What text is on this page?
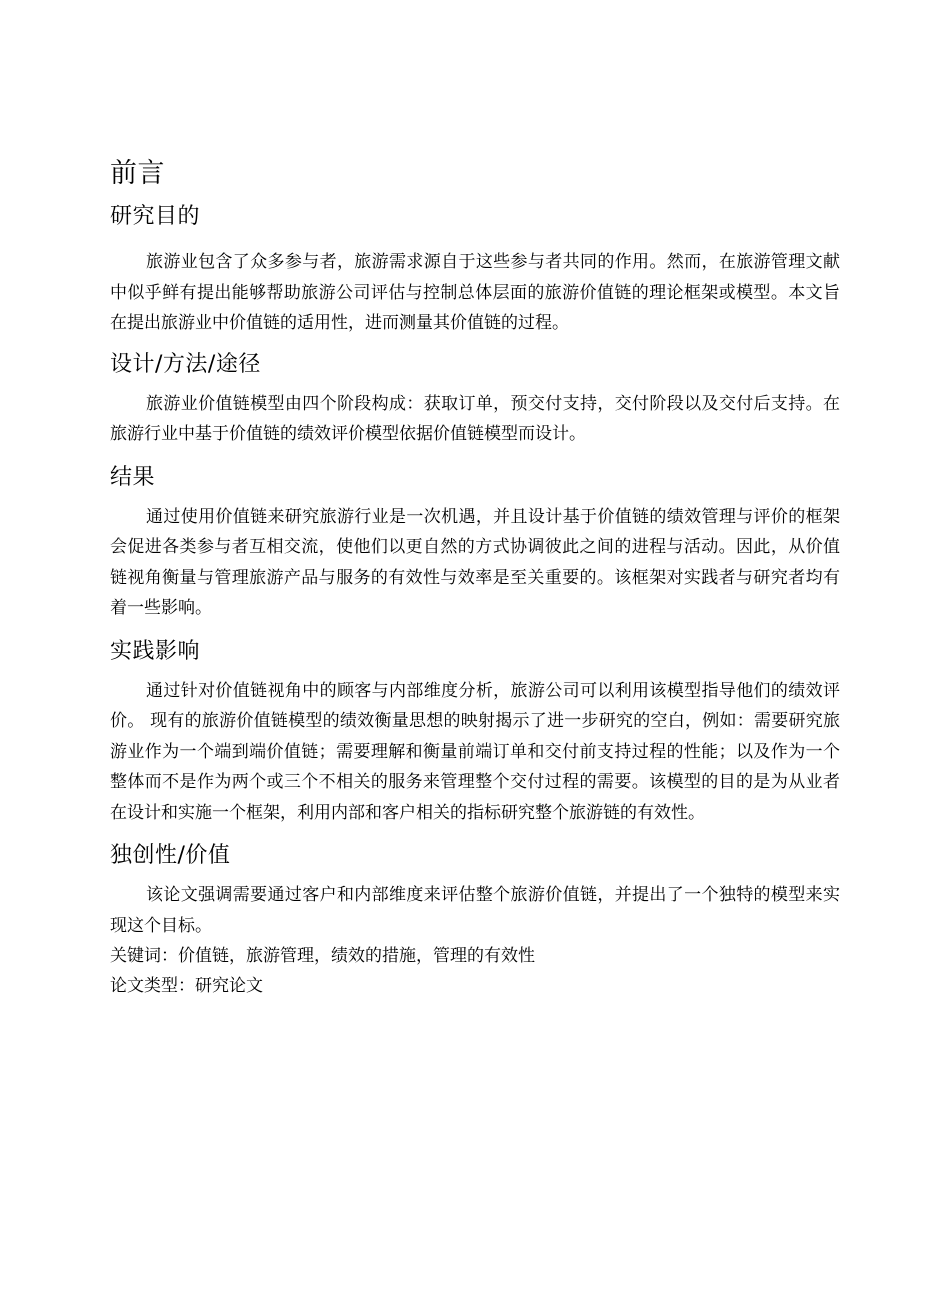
前言
研究目的

旅游业包含了众多参与者，旅游需求源自于这些参与者共同的作用。然而，在旅游管理文献中似乎鲜有提出能够帮助旅游公司评估与控制总体层面的旅游价值链的理论框架或模型。本文旨在提出旅游业中价值链的适用性，进而测量其价值链的过程。

设计/方法/途径

旅游业价值链模型由四个阶段构成：获取订单，预交付支持，交付阶段以及交付后支持。在旅游行业中基于价值链的绩效评价模型依据价值链模型而设计。

结果

通过使用价值链来研究旅游行业是一次机遇，并且设计基于价值链的绩效管理与评价的框架会促进各类参与者互相交流，使他们以更自然的方式协调彼此之间的进程与活动。因此，从价值链视角衡量与管理旅游产品与服务的有效性与效率是至关重要的。该框架对实践者与研究者均有着一些影响。

实践影响

通过针对价值链视角中的顾客与内部维度分析，旅游公司可以利用该模型指导他们的绩效评价。 现有的旅游价值链模型的绩效衡量思想的映射揭示了进一步研究的空白，例如：需要研究旅游业作为一个端到端价值链；需要理解和衡量前端订单和交付前支持过程的性能；以及作为一个整体而不是作为两个或三个不相关的服务来管理整个交付过程的需要。该模型的目的是为从业者在设计和实施一个框架，利用内部和客户相关的指标研究整个旅游链的有效性。

独创性/价值

该论文强调需要通过客户和内部维度来评估整个旅游价值链，并提出了一个独特的模型来实现这个目标。

关键词：价值链，旅游管理，绩效的措施，管理的有效性

论文类型：研究论文
